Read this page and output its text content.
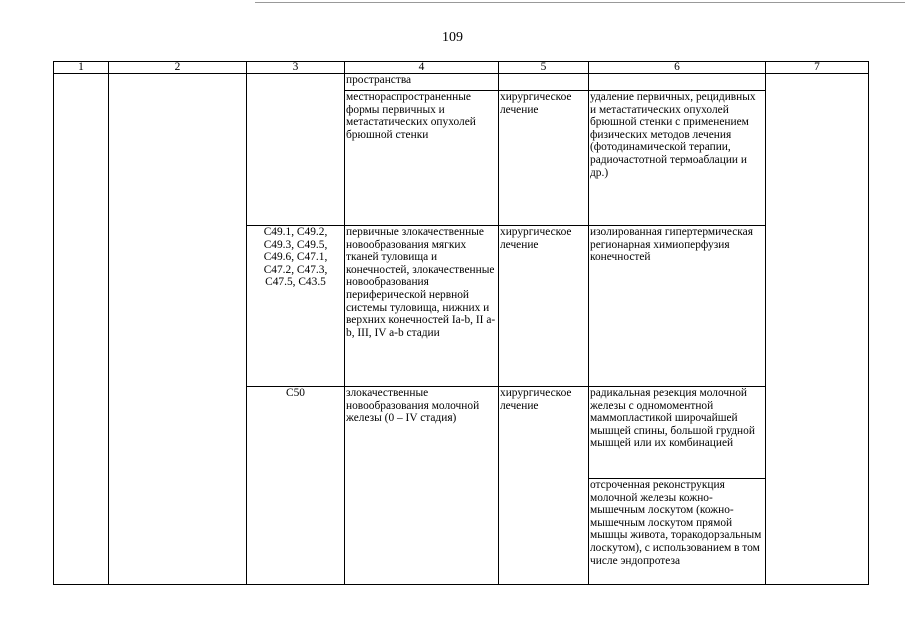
109
1	2	3	4	5	6	7
			пространства			
			местнораспространенные формы первичных и метастатических опухолей брюшной стенки	хирургическое лечение	удаление первичных, рецидивных и метастатических опухолей брюшной стенки с применением физических методов лечения (фотодинамической терапии, радиочастотной термоаблации и др.)	
		C49.1, C49.2, C49.3, C49.5, C49.6, C47.1, C47.2, C47.3, C47.5, C43.5	первичные злокачественные новообразования мягких тканей туловища и конечностей, злокачественные новообразования периферической нервной системы туловища, нижних и верхних конечностей Ia-b, II a-b, III, IV a-b стадии	хирургическое лечение	изолированная гипертермическая регионарная химиоперфузия конечностей	
		C50	злокачественные новообразования молочной железы (0 – IV стадия)	хирургическое лечение	радикальная резекция молочной железы с одномоментной маммопластикой широчайшей мышцей спины, большой грудной мышцей или их комбинацией	
					отсроченная реконструкция молочной железы кожно-мышечным лоскутом (кожно-мышечным лоскутом прямой мышцы живота, торакодорзальным лоскутом), с использованием в том числе эндопротеза	
